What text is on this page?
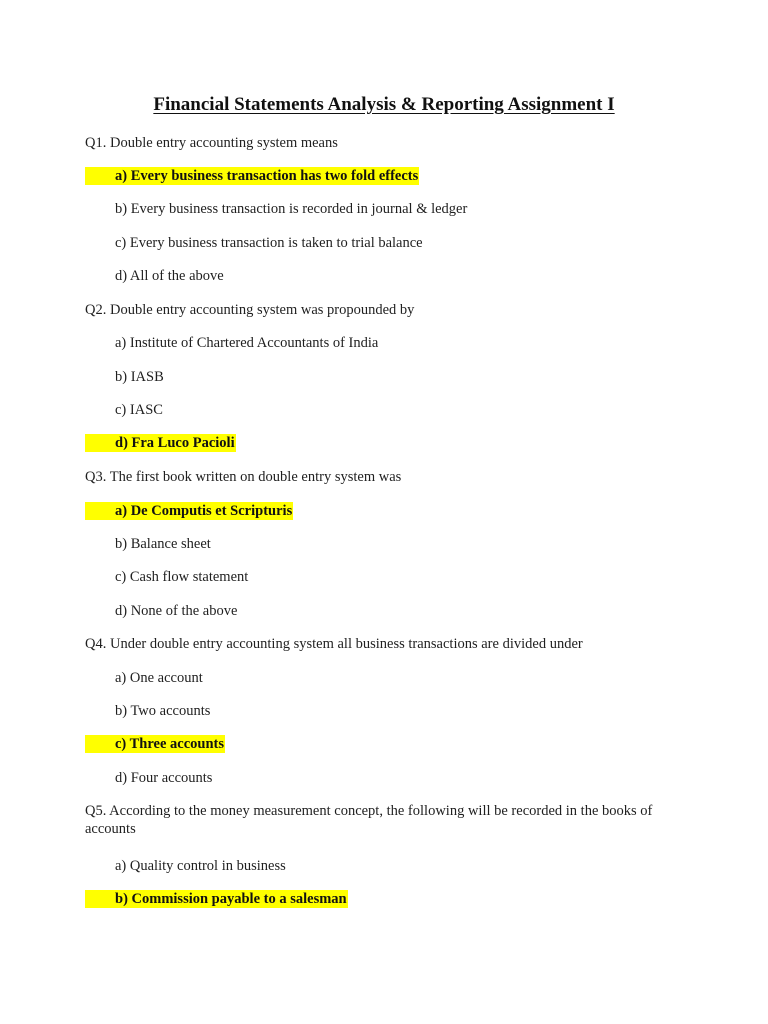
Financial Statements Analysis & Reporting Assignment I
Q1. Double entry accounting system means
a) Every business transaction has two fold effects
b) Every business transaction is recorded in journal & ledger
c) Every business transaction is taken to trial balance
d) All of the above
Q2. Double entry accounting system was propounded by
a) Institute of Chartered Accountants of India
b) IASB
c) IASC
d) Fra Luco Pacioli
Q3. The first book written on double entry system was
a) De Computis et Scripturis
b) Balance sheet
c) Cash flow statement
d) None of the above
Q4. Under double entry accounting system all business transactions are divided under
a) One account
b) Two accounts
c) Three accounts
d) Four accounts
Q5. According to the money measurement concept, the following will be recorded in the books of accounts
a) Quality control in business
b) Commission payable to a salesman
